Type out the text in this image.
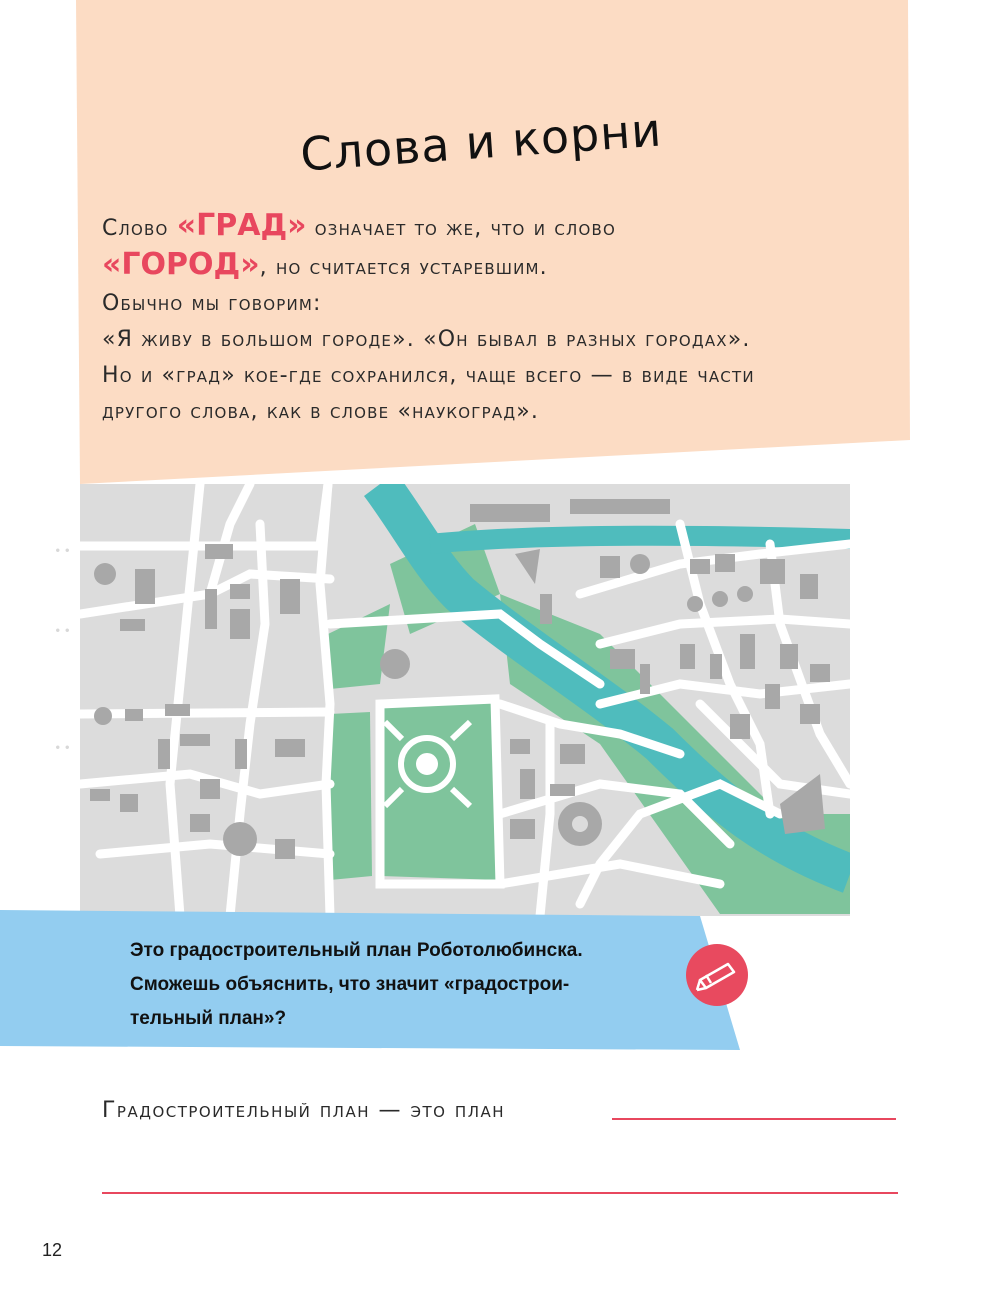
Слова и корни

Слово «ГРАД» означает то же, что и слово

«ГОРОД», но считается устаревшим.

Обычно мы говорим:

«Я живу в большом городе». «Он бывал в разных городах».

Но и «град» кое-где сохранился, чаще всего — в виде части

другого слова, как в слове «наукоград».

∙∙
∙∙
∙∙
Это градостроительный план Роботолюбинска.
Сможешь объяснить, что значит «градострои-
тельный план»?
Градостроительный план — это план
12
